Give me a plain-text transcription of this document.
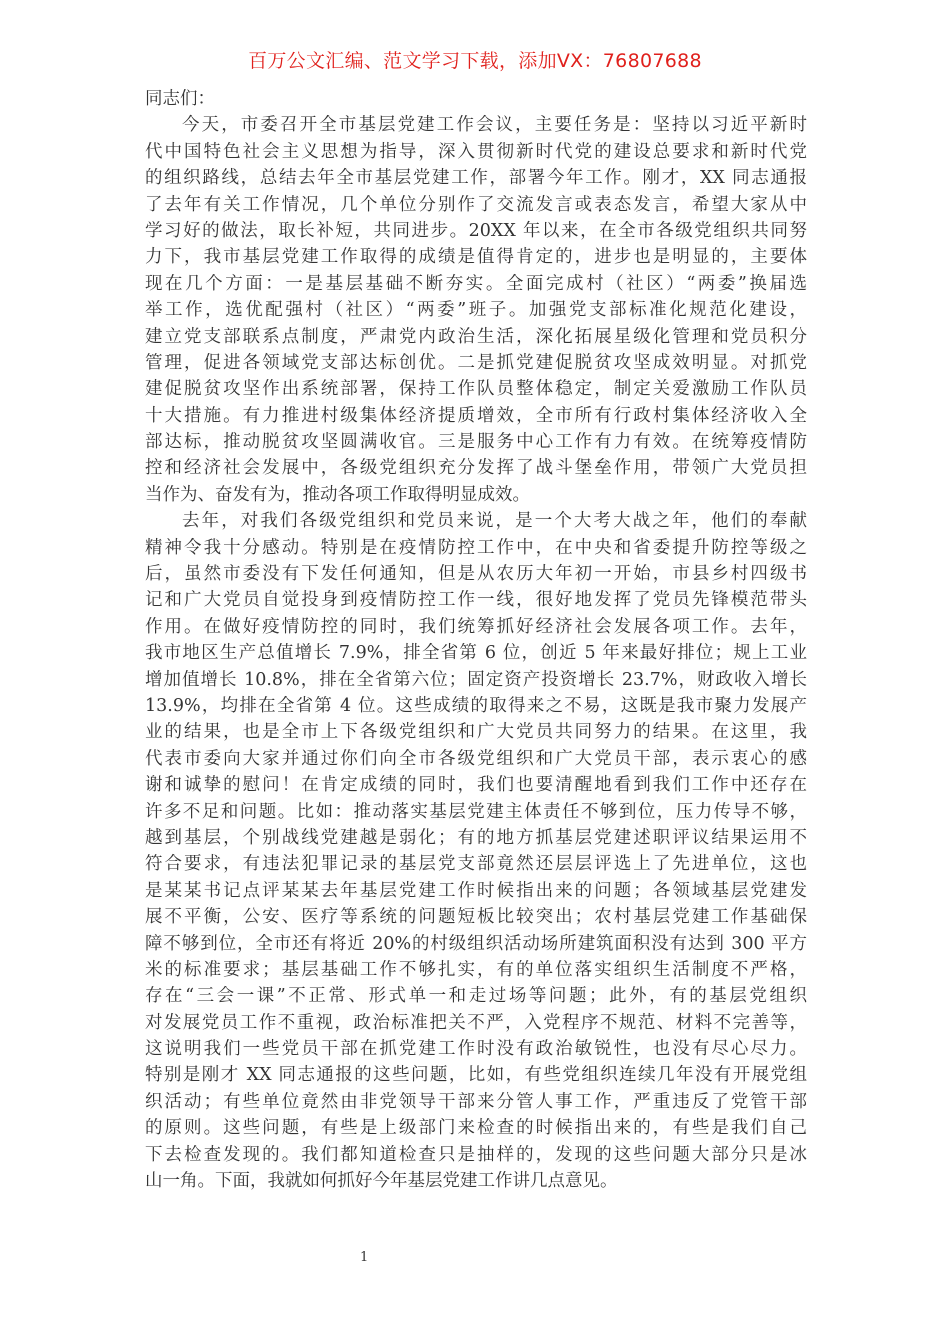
百万公文汇编、范文学习下载，添加VX：76807688
同志们：
今天，市委召开全市基层党建工作会议，主要任务是：坚持以习近平新时
代中国特色社会主义思想为指导，深入贯彻新时代党的建设总要求和新时代党
的组织路线，总结去年全市基层党建工作，部署今年工作。刚才，XX 同志通报
了去年有关工作情况，几个单位分别作了交流发言或表态发言，希望大家从中
学习好的做法，取长补短，共同进步。20XX 年以来，在全市各级党组织共同努
力下，我市基层党建工作取得的成绩是值得肯定的，进步也是明显的，主要体
现在几个方面：一是基层基础不断夯实。全面完成村（社区）“两委”换届选
举工作，选优配强村（社区）“两委”班子。加强党支部标准化规范化建设，
建立党支部联系点制度，严肃党内政治生活，深化拓展星级化管理和党员积分
管理，促进各领域党支部达标创优。二是抓党建促脱贫攻坚成效明显。对抓党
建促脱贫攻坚作出系统部署，保持工作队员整体稳定，制定关爱激励工作队员
十大措施。有力推进村级集体经济提质增效，全市所有行政村集体经济收入全
部达标，推动脱贫攻坚圆满收官。三是服务中心工作有力有效。在统筹疫情防
控和经济社会发展中，各级党组织充分发挥了战斗堡垒作用，带领广大党员担
当作为、奋发有为，推动各项工作取得明显成效。
去年，对我们各级党组织和党员来说，是一个大考大战之年，他们的奉献
精神令我十分感动。特别是在疫情防控工作中，在中央和省委提升防控等级之
后，虽然市委没有下发任何通知，但是从农历大年初一开始，市县乡村四级书
记和广大党员自觉投身到疫情防控工作一线，很好地发挥了党员先锋模范带头
作用。在做好疫情防控的同时，我们统筹抓好经济社会发展各项工作。去年，
我市地区生产总值增长 7.9%，排全省第 6 位，创近 5 年来最好排位；规上工业
增加值增长 10.8%，排在全省第六位；固定资产投资增长 23.7%，财政收入增长
13.9%，均排在全省第 4 位。这些成绩的取得来之不易，这既是我市聚力发展产
业的结果，也是全市上下各级党组织和广大党员共同努力的结果。在这里，我
代表市委向大家并通过你们向全市各级党组织和广大党员干部，表示衷心的感
谢和诚挚的慰问！在肯定成绩的同时，我们也要清醒地看到我们工作中还存在
许多不足和问题。比如：推动落实基层党建主体责任不够到位，压力传导不够，
越到基层，个别战线党建越是弱化；有的地方抓基层党建述职评议结果运用不
符合要求，有违法犯罪记录的基层党支部竟然还层层评选上了先进单位，这也
是某某书记点评某某去年基层党建工作时候指出来的问题；各领域基层党建发
展不平衡，公安、医疗等系统的问题短板比较突出；农村基层党建工作基础保
障不够到位，全市还有将近 20%的村级组织活动场所建筑面积没有达到 300 平方
米的标准要求；基层基础工作不够扎实，有的单位落实组织生活制度不严格，
存在“三会一课”不正常、形式单一和走过场等问题；此外，有的基层党组织
对发展党员工作不重视，政治标准把关不严，入党程序不规范、材料不完善等，
这说明我们一些党员干部在抓党建工作时没有政治敏锐性，也没有尽心尽力。
特别是刚才 XX 同志通报的这些问题，比如，有些党组织连续几年没有开展党组
织活动；有些单位竟然由非党领导干部来分管人事工作，严重违反了党管干部
的原则。这些问题，有些是上级部门来检查的时候指出来的，有些是我们自己
下去检查发现的。我们都知道检查只是抽样的，发现的这些问题大部分只是冰
山一角。下面，我就如何抓好今年基层党建工作讲几点意见。
1
